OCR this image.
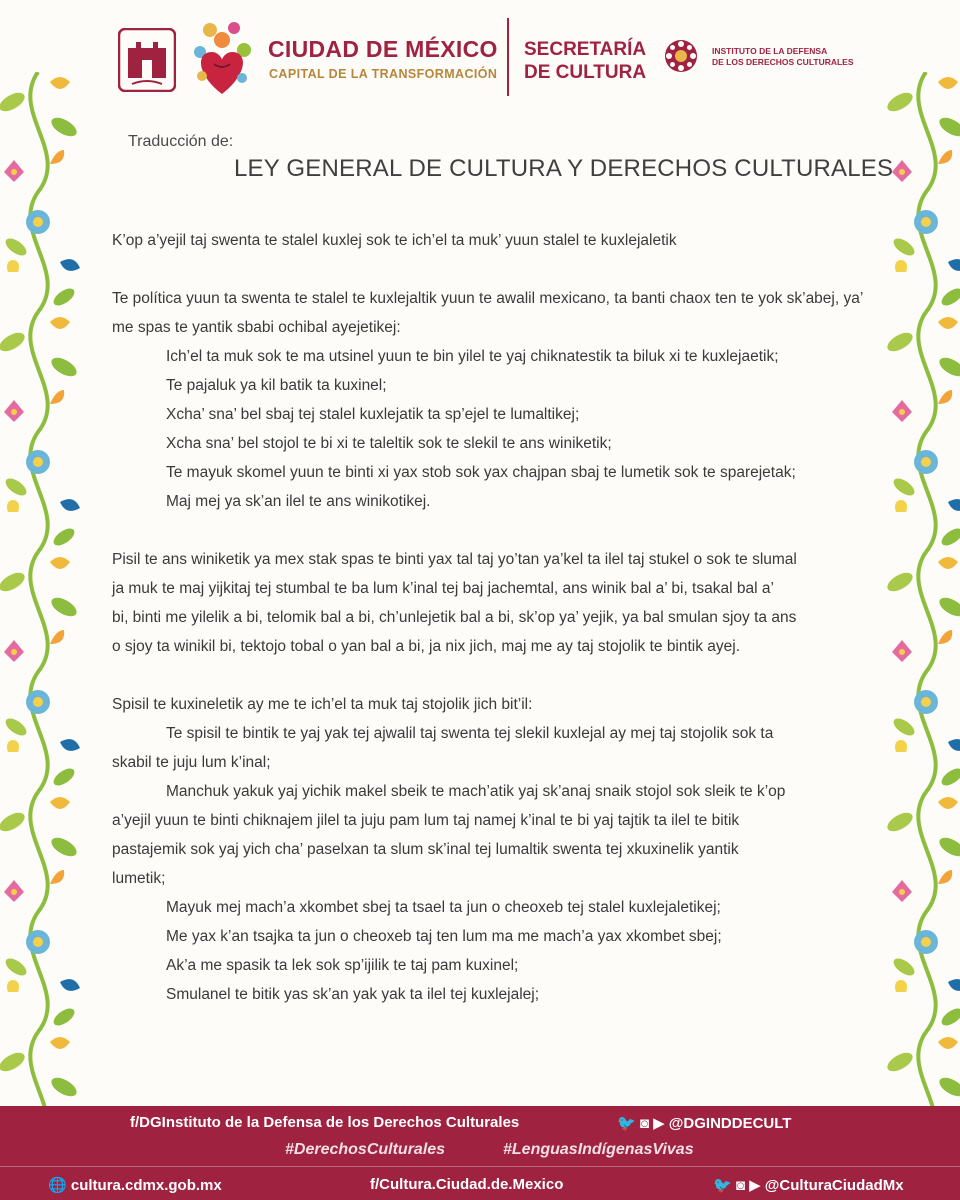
CIUDAD DE MÉXICO

CAPITAL DE LA TRANSFORMACIÓN

SECRETARÍA
DE CULTURA

INSTITUTO DE LA DEFENSA
DE LOS DERECHOS CULTURALES

Traducción de:

LEY GENERAL DE CULTURA Y DERECHOS CULTURALES

K’op a’yejil taj swenta te stalel kuxlej sok te ich’el ta muk’ yuun stalel te kuxlejaletik

Te política yuun ta swenta te stalel te kuxlejaltik yuun te awalil mexicano, ta banti chaox ten te yok sk’abej, ya’ me spas te yantik sbabi ochibal ayejetikej:

Ich’el ta muk sok te ma utsinel yuun te bin yilel te yaj chiknatestik ta biluk xi te kuxlejaetik;

Te pajaluk ya kil batik ta kuxinel;

Xcha’ sna’ bel sbaj tej stalel kuxlejatik ta sp’ejel te lumaltikej;

Xcha sna’ bel stojol te bi xi te taleltik sok te slekil te ans winiketik;

Te mayuk skomel yuun te binti xi yax stob sok yax chajpan sbaj te lumetik sok te sparejetak;

Maj mej ya sk’an ilel te ans winikotikej.

Pisil te ans winiketik ya mex stak spas te binti yax tal taj yo’tan ya’kel ta ilel taj stukel o sok te slumal

ja muk te maj yijkitaj tej stumbal te ba lum k’inal tej baj jachemtal, ans winik bal a’ bi, tsakal bal a’

bi, binti me yilelik a bi, telomik bal a bi, ch’unlejetik bal a bi, sk’op ya’ yejik, ya bal smulan sjoy ta ans

o sjoy ta winikil bi, tektojo tobal o yan bal a bi, ja nix jich, maj me ay taj stojolik te bintik ayej.

Spisil te kuxineletik ay me te ich’el ta muk taj stojolik jich bit’il:

Te spisil te bintik te yaj yak tej ajwalil taj swenta tej slekil kuxlejal ay mej taj stojolik sok ta

skabil te juju lum k’inal;

Manchuk yakuk yaj yichik makel sbeik te mach’atik yaj sk’anaj snaik stojol sok sleik te k’op

a’yejil yuun te binti chiknajem jilel ta juju pam lum taj namej k’inal te bi yaj tajtik ta ilel te bitik

pastajemik sok yaj yich cha’ paselxan ta slum sk’inal tej lumaltik swenta tej xkuxinelik yantik

lumetik;

Mayuk mej mach’a xkombet sbej ta tsael ta jun o cheoxeb tej stalel kuxlejaletikej;

Me yax k’an tsajka ta jun o cheoxeb taj ten lum ma me mach’a yax xkombet sbej;

Ak’a me spasik ta lek sok sp’ijilik te taj pam kuxinel;

Smulanel te bitik yas sk’an yak yak ta ilel tej kuxlejalej;

f/DGInstituto de la Defensa de los Derechos Culturales	🐦 ◙ ▶ @DGINDDECULT

#DerechosCulturales	#LenguasIndígenasVivas

🌐 cultura.cdmx.gob.mx	f/Cultura.Ciudad.de.Mexico	🐦 ◙ ▶ @CulturaCiudadMx
